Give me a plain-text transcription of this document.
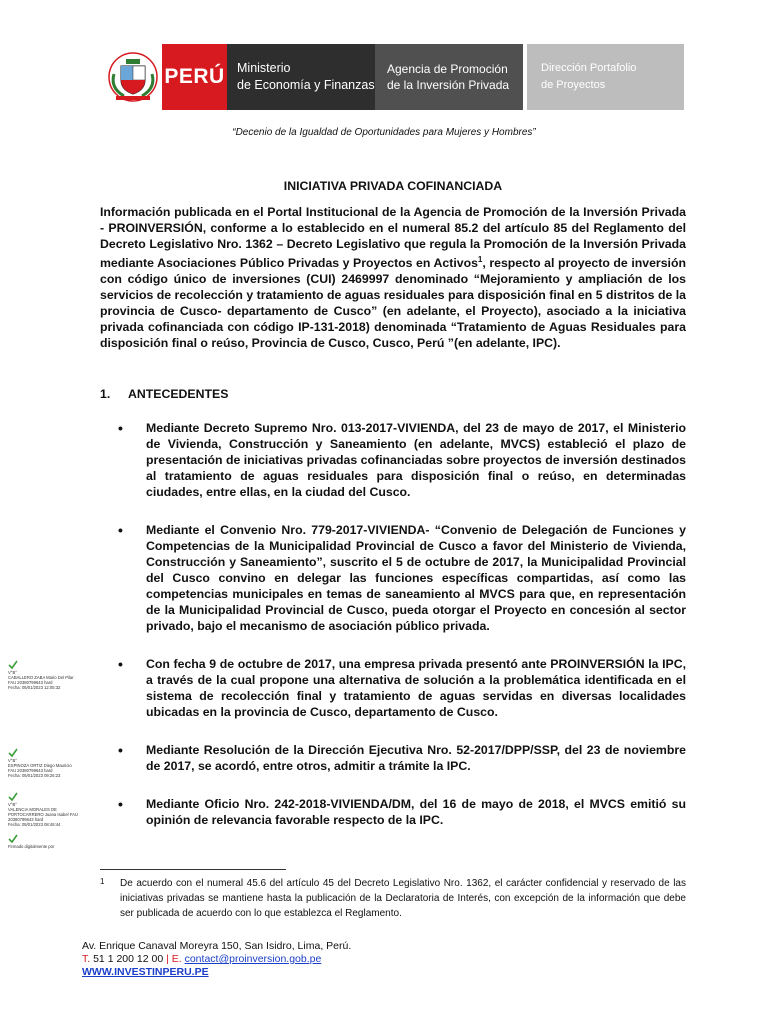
PERÚ Ministerio
de Economía y Finanzas
Agencia de Promoción
de la Inversión Privada
Dirección Portafolio
de Proyectos
“Decenio de la Igualdad de Oportunidades para Mujeres y Hombres”

INICIATIVA PRIVADA COFINANCIADA

Información publicada en el Portal Institucional de la Agencia de Promoción de la Inversión Privada - PROINVERSIÓN, conforme a lo establecido en el numeral 85.2 del artículo 85 del Reglamento del Decreto Legislativo Nro. 1362 – Decreto Legislativo que regula la Promoción de la Inversión Privada mediante Asociaciones Público Privadas y Proyectos en Activos$^1$, respecto al proyecto de inversión con código único de inversiones (CUI) 2469997 denominado “Mejoramiento y ampliación de los servicios de recolección y tratamiento de aguas residuales para disposición final en 5 distritos de la provincia de Cusco- departamento de Cusco” (en adelante, el Proyecto), asociado a la iniciativa privada cofinanciada con código IP-131-2018) denominada “Tratamiento de Aguas Residuales para disposición final o reúso, Provincia de Cusco, Cusco, Perú ”(en adelante, IPC).

1. ANTECEDENTES
• Mediante Decreto Supremo Nro. 013-2017-VIVIENDA, del 23 de mayo de 2017, el Ministerio de Vivienda, Construcción y Saneamiento (en adelante, MVCS) estableció el plazo de presentación de iniciativas privadas cofinanciadas sobre proyectos de inversión destinados al tratamiento de aguas residuales para disposición final o reúso, en determinadas ciudades, entre ellas, en la ciudad del Cusco.
• Mediante el Convenio Nro. 779-2017-VIVIENDA- “Convenio de Delegación de Funciones y Competencias de la Municipalidad Provincial de Cusco a favor del Ministerio de Vivienda, Construcción y Saneamiento”, suscrito el 5 de octubre de 2017, la Municipalidad Provincial del Cusco convino en delegar las funciones específicas compartidas, así como las competencias municipales en temas de saneamiento al MVCS para que, en representación de la Municipalidad Provincial de Cusco, pueda otorgar el Proyecto en concesión al sector privado, bajo el mecanismo de asociación público privada.
• Con fecha 9 de octubre de 2017, una empresa privada presentó ante PROINVERSIÓN la IPC, a través de la cual propone una alternativa de solución a la problemática identificada en el sistema de recolección final y tratamiento de aguas servidas en diversas localidades ubicadas en la provincia de Cusco, departamento de Cusco.
• Mediante Resolución de la Dirección Ejecutiva Nro. 52-2017/DPP/SSP, del 23 de noviembre de 2017, se acordó, entre otros, admitir a trámite la IPC.
• Mediante Oficio Nro. 242-2018-VIVIENDA/DM, del 16 de mayo de 2018, el MVCS emitió su opinión de relevancia favorable respecto de la IPC.
V°B°
CABALLERO ZABA Mario Del Pilar
FAU 20380799643 hard
Fecha: 05/01/2023 12:05:32
V°B°
ESPINOZA ORTIZ Diego Mauricio
FAU 20380799643 hard
Fecha: 05/01/2023 09:26:23
V°B°
VALENCIA MORALES DE PORTOCARRERO Juana Isabel FAU
20380799643 hard
Fecha: 05/01/2023 08:48:44
Firmado digitalmente por
1	De acuerdo con el numeral 45.6 del artículo 45 del Decreto Legislativo Nro. 1362, el carácter confidencial y reservado de las iniciativas privadas se mantiene hasta la publicación de la Declaratoria de Interés, con excepción de la información que debe ser publicada de acuerdo con lo que establezca el Reglamento.
Av. Enrique Canaval Moreyra 150, San Isidro, Lima, Perú.
T. 51 1 200 12 00 | E. contact@proinversion.gob.pe
WWW.INVESTINPERU.PE
